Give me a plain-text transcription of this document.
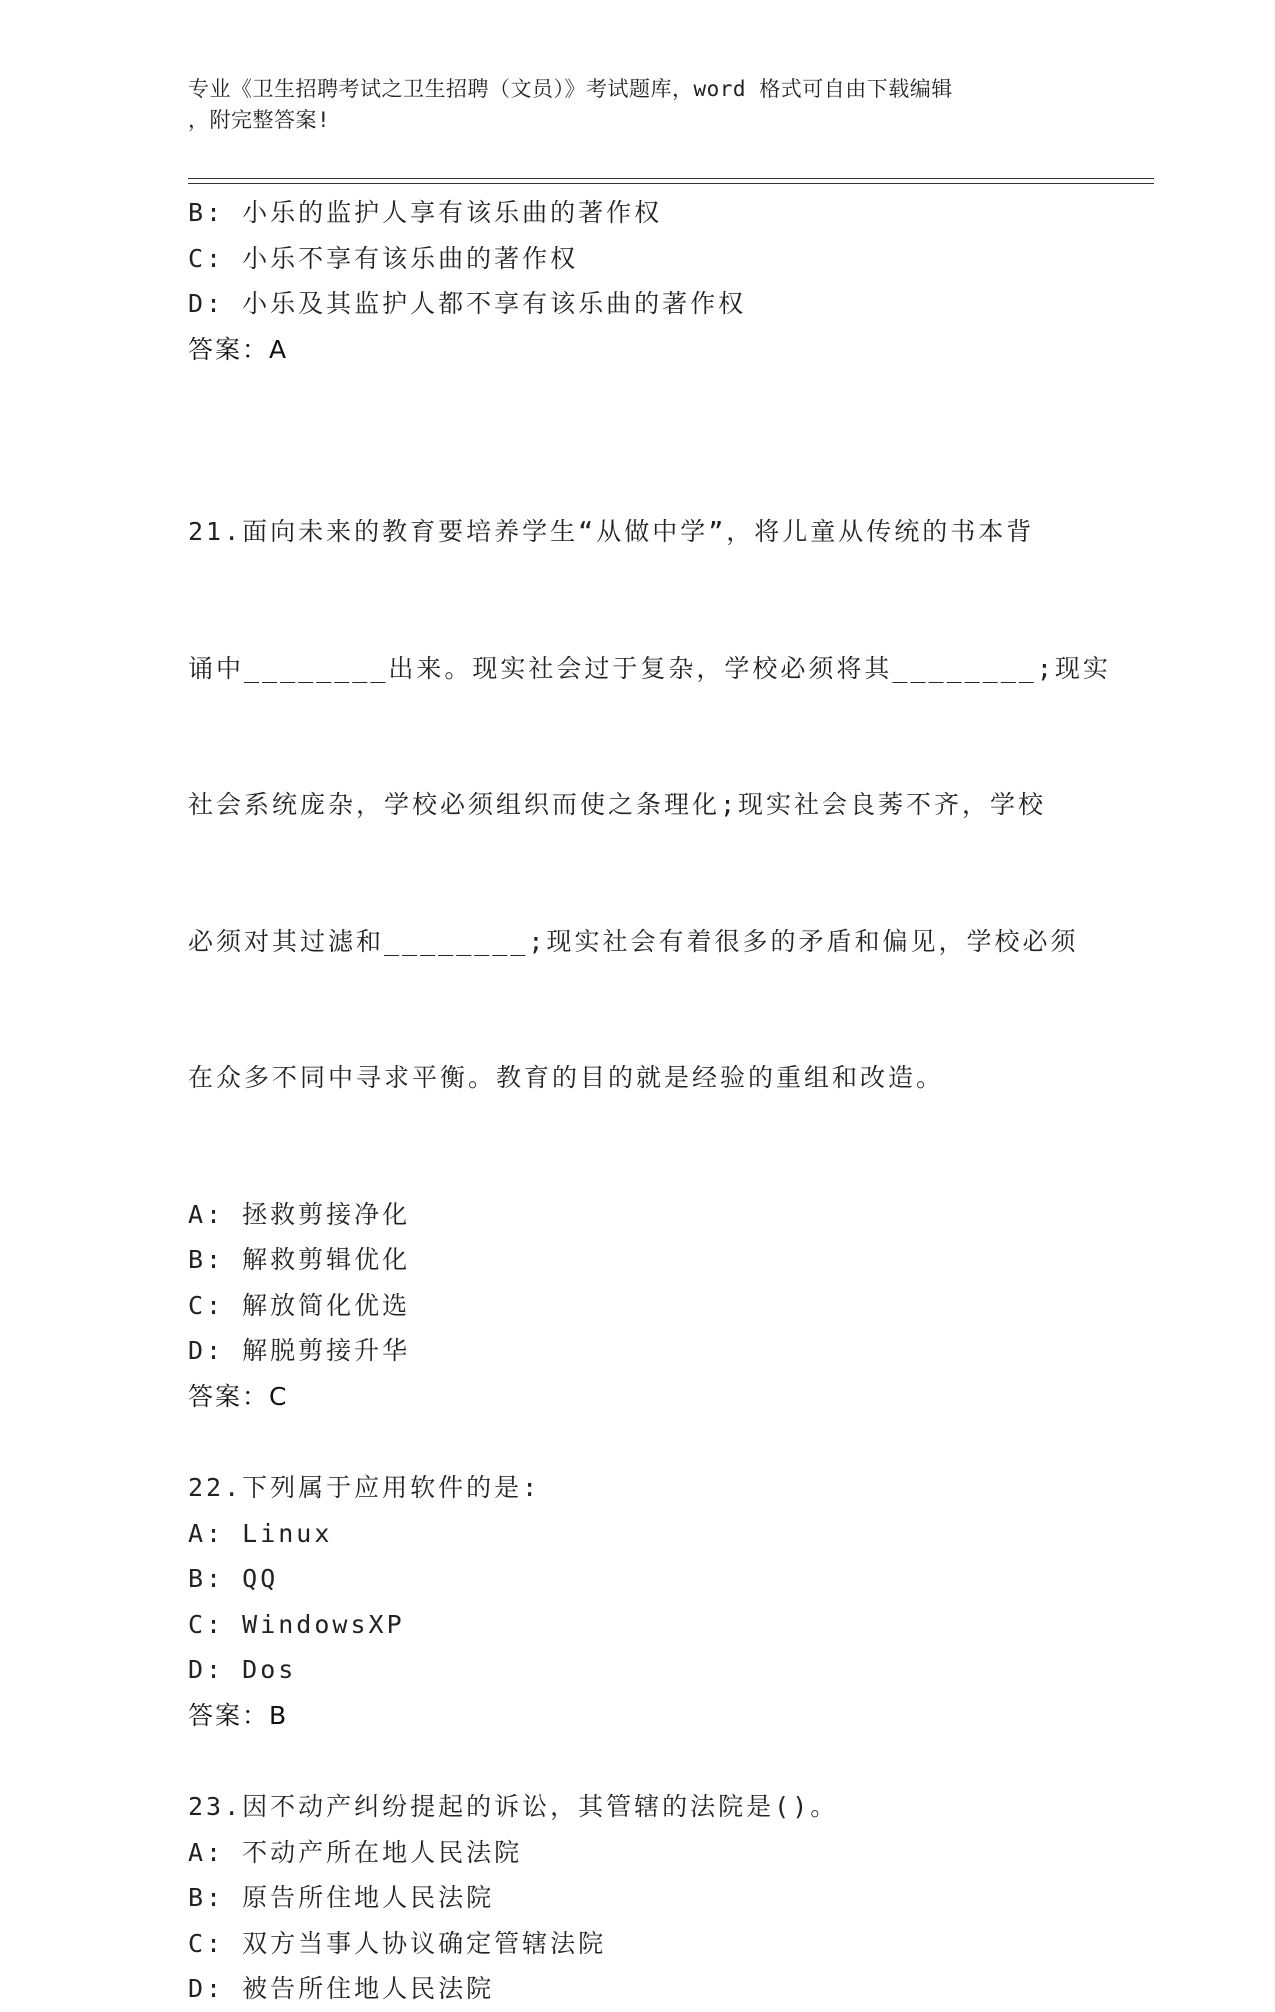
专业《卫生招聘考试之卫生招聘（文员）》考试题库，word 格式可自由下载编辑
，附完整答案!
B: 小乐的监护人享有该乐曲的著作权
C: 小乐不享有该乐曲的著作权
D: 小乐及其监护人都不享有该乐曲的著作权
答案：A

21.面向未来的教育要培养学生“从做中学”，将儿童从传统的书本背

诵中________出来。现实社会过于复杂，学校必须将其________;现实

社会系统庞杂，学校必须组织而使之条理化;现实社会良莠不齐，学校

必须对其过滤和________;现实社会有着很多的矛盾和偏见，学校必须

在众多不同中寻求平衡。教育的目的就是经验的重组和改造。

A: 拯救剪接净化
B: 解救剪辑优化
C: 解放简化优选
D: 解脱剪接升华
答案：C
22.下列属于应用软件的是:
A: Linux
B: QQ
C: WindowsXP
D: Dos
答案：B
23.因不动产纠纷提起的诉讼，其管辖的法院是()。
A: 不动产所在地人民法院
B: 原告所住地人民法院
C: 双方当事人协议确定管辖法院
D: 被告所住地人民法院
